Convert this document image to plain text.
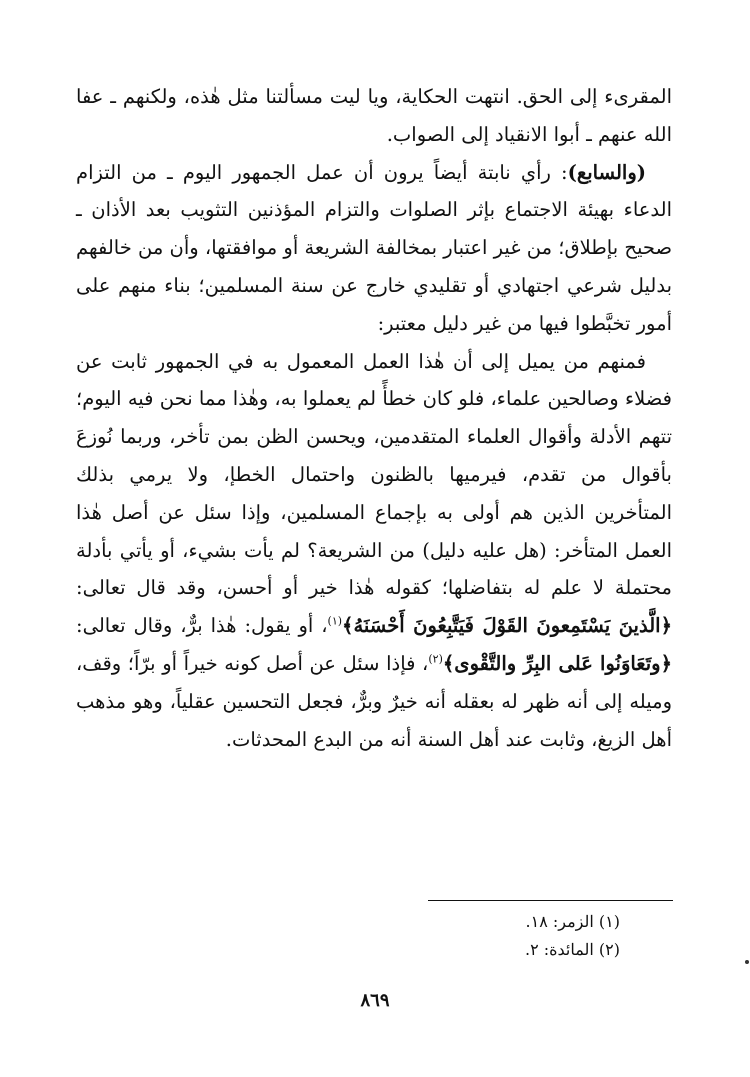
المقرىء إلى الحق. انتهت الحكاية، ويا ليت مسألتنا مثل هٰذه، ولكنهم ـ عفا الله عنهم ـ أبوا الانقياد إلى الصواب.

(والسابع): رأي نابتة أيضاً يرون أن عمل الجمهور اليوم ـ من التزام الدعاء بهيئة الاجتماع بإثر الصلوات والتزام المؤذنين التثويب بعد الأذان ـ صحيح بإطلاق؛ من غير اعتبار بمخالفة الشريعة أو موافقتها، وأن من خالفهم بدليل شرعي اجتهادي أو تقليدي خارج عن سنة المسلمين؛ بناء منهم على أمور تخبَّطوا فيها من غير دليل معتبر:

فمنهم من يميل إلى أن هٰذا العمل المعمول به في الجمهور ثابت عن فضلاء وصالحين علماء، فلو كان خطأً لم يعملوا به، وهٰذا مما نحن فيه اليوم؛ تتهم الأدلة وأقوال العلماء المتقدمين، ويحسن الظن بمن تأخر، وربما نُوزعَ بأقوال من تقدم، فيرميها بالظنون واحتمال الخطإ، ولا يرمي بذلك المتأخرين الذين هم أولى به بإجماع المسلمين، وإذا سئل عن أصل هٰذا العمل المتأخر: (هل عليه دليل) من الشريعة؟ لم يأت بشيء، أو يأتي بأدلة محتملة لا علم له بتفاضلها؛ كقوله هٰذا خير أو أحسن، وقد قال تعالى: ﴿الَّذينَ يَسْتَمِعونَ القَوْلَ فَيَتَّبِعُونَ أَحْسَنَهُ﴾$^{(١)}$، أو يقول: هٰذا برٌّ، وقال تعالى: ﴿وتَعَاوَنُوا عَلى البِرِّ والتَّقْوى﴾$^{(٢)}$، فإذا سئل عن أصل كونه خيراً أو برّاً؛ وقف، وميله إلى أنه ظهر له بعقله أنه خيرٌ وبرٌّ، فجعل التحسين عقلياً، وهو مذهب أهل الزيغ، وثابت عند أهل السنة أنه من البدع المحدثات.

(١) الزمر: ١٨.
(٢) المائدة: ٢.
٨٦٩
